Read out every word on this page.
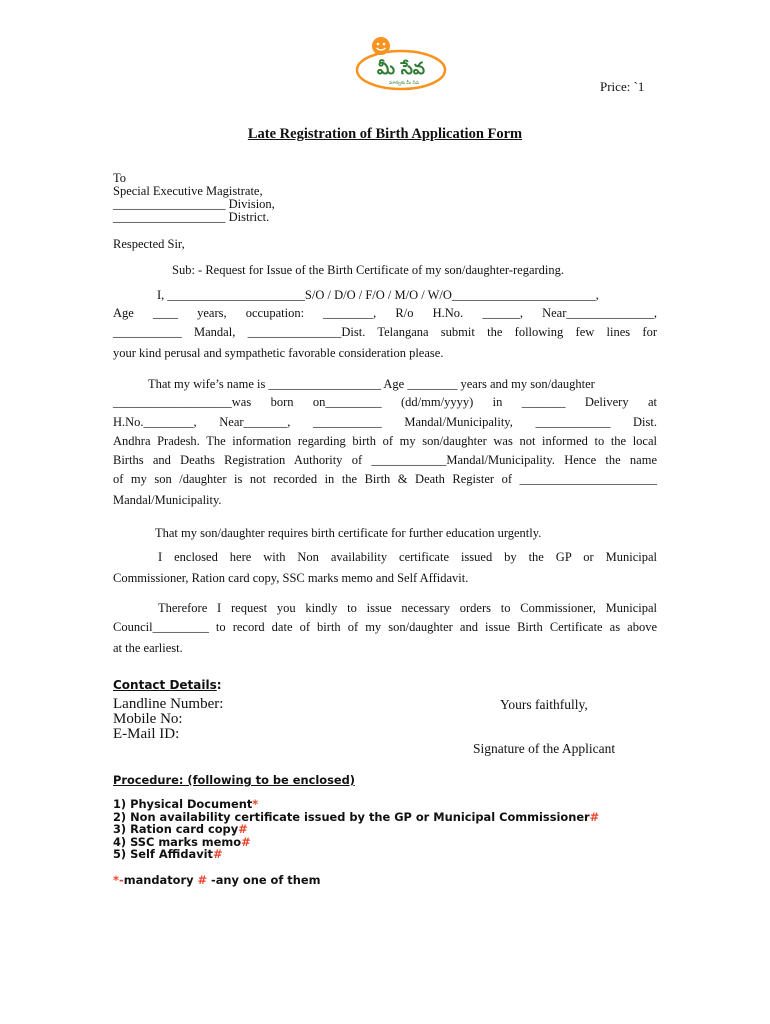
మీ సేవ
మార్పుకు మీ సేవ	Price: `1

Late Registration of Birth Application Form

To

Special Executive Magistrate,

__________________ Division,

__________________ District.

Respected Sir,

Sub: - Request for Issue of the Birth Certificate of my son/daughter-regarding.

I, ______________________S/O / D/O / F/O / M/O / W/O_______________________,

Age ____ years, occupation: ________, R/o H.No. ______, Near______________,

___________ Mandal, _______________Dist. Telangana submit the following few lines for

your kind perusal and sympathetic favorable consideration please.

That my wife’s name is __________________ Age ________ years and my son/daughter

___________________was born on_________ (dd/mm/yyyy) in _______ Delivery at

H.No.________, Near_______, ___________ Mandal/Municipality, ____________ Dist.

Andhra Pradesh. The information regarding birth of my son/daughter was not informed to the local

Births and Deaths Registration Authority of ____________Mandal/Municipality. Hence the name

of my son /daughter is not recorded in the Birth & Death Register of ______________________

Mandal/Municipality.

That my son/daughter requires birth certificate for further education urgently.

I enclosed here with Non availability certificate issued by the GP or Municipal

Commissioner, Ration card copy, SSC marks memo and Self Affidavit.

Therefore I request you kindly to issue necessary orders to Commissioner, Municipal

Council_________ to record date of birth of my son/daughter and issue Birth Certificate as above

at the earliest.

Contact Details:

Landline Number:

Mobile No:

E-Mail ID:

Yours faithfully,

Signature of the Applicant

Procedure: (following to be enclosed)

1) Physical Document*

2) Non availability certificate issued by the GP or Municipal Commissioner#

3) Ration card copy#

4) SSC marks memo#

5) Self Affidavit#

*-mandatory # -any one of them
